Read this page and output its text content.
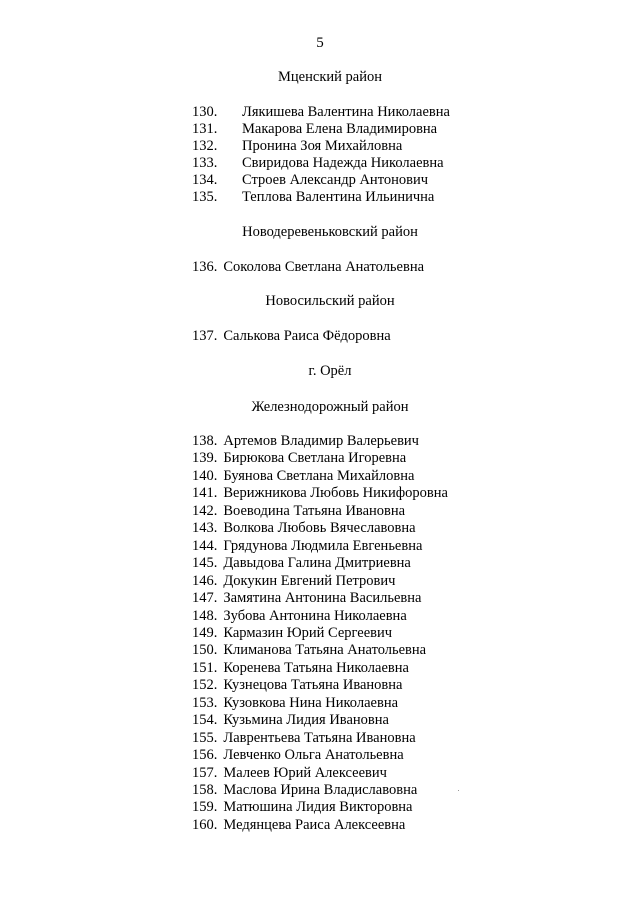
5
Мценский район
130. Лякишева Валентина Николаевна
131. Макарова Елена Владимировна
132. Пронина Зоя Михайловна
133. Свиридова Надежда Николаевна
134. Строев Александр Антонович
135. Теплова Валентина Ильинична
Новодеревеньковский район
136. Соколова Светлана Анатольевна
Новосильский район
137. Салькова Раиса Фёдоровна
г. Орёл
Железнодорожный район
138. Артемов Владимир Валерьевич
139. Бирюкова Светлана Игоревна
140. Буянова Светлана Михайловна
141. Верижникова Любовь Никифоровна
142. Воеводина Татьяна Ивановна
143. Волкова Любовь Вячеславовна
144. Грядунова Людмила Евгеньевна
145. Давыдова Галина Дмитриевна
146. Докукин Евгений Петрович
147. Замятина Антонина Васильевна
148. Зубова Антонина Николаевна
149. Кармазин Юрий Сергеевич
150. Климанова Татьяна Анатольевна
151. Коренева Татьяна Николаевна
152. Кузнецова Татьяна Ивановна
153. Кузовкова Нина Николаевна
154. Кузьмина Лидия Ивановна
155. Лаврентьева Татьяна Ивановна
156. Левченко Ольга Анатольевна
157. Малеев Юрий Алексеевич
158. Маслова Ирина Владиславовна
159. Матюшина Лидия Викторовна
160. Медянцева Раиса Алексеевна
